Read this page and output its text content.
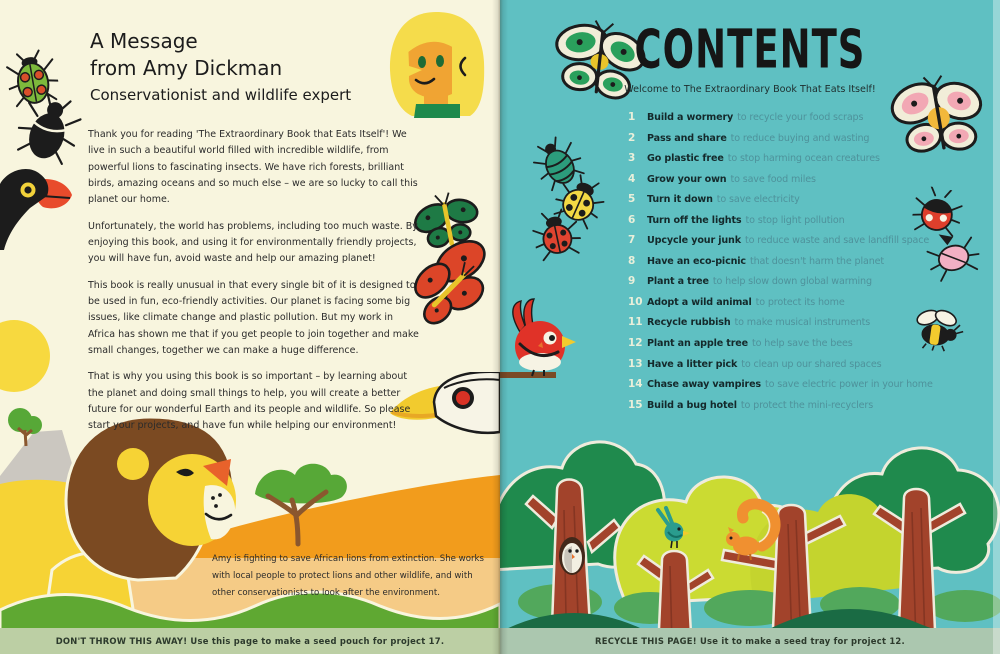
A Message
from Amy Dickman
Conservationist and wildlife expert

Thank you for reading 'The Extraordinary Book that Eats Itself'! We live in such a beautiful world filled with incredible wildlife, from powerful lions to fascinating insects. We have rich forests, brilliant birds, amazing oceans and so much else – we are so lucky to call this planet our home.

Unfortunately, the world has problems, including too much waste. By enjoying this book, and using it for environmentally friendly projects, you will have fun, avoid waste and help our amazing planet!

This book is really unusual in that every single bit of it is designed to be used in fun, eco-friendly activities. Our planet is facing some big issues, like climate change and plastic pollution. But my work in Africa has shown me that if you get people to join together and make small changes, together we can make a huge difference.

That is why you using this book is so important – by learning about the planet and doing small things to help, you will create a better future for our wonderful Earth and its people and wildlife. So please start your projects, and have fun while helping our environment!

Amy is fighting to save African lions from extinction. She works with local people to protect lions and other wildlife, and with other conservationists to look after the environment.
DON'T THROW THIS AWAY! Use this page to make a seed pouch for project 17.
CONTENTS
Welcome to The Extraordinary Book That Eats Itself!
1	Build a wormery to recycle your food scraps
2	Pass and share to reduce buying and wasting
3	Go plastic free to stop harming ocean creatures
4	Grow your own to save food miles
5	Turn it down to save electricity
6	Turn off the lights to stop light pollution
7	Upcycle your junk to reduce waste and save landfill space
8	Have an eco-picnic that doesn't harm the planet
9	Plant a tree to help slow down global warming
10 Adopt a wild animal to protect its home
11 Recycle rubbish to make musical instruments
12 Plant an apple tree to help save the bees
13 Have a litter pick to clean up our shared spaces
14 Chase away vampires to save electric power in your home
15 Build a bug hotel to protect the mini-recyclers
RECYCLE THIS PAGE! Use it to make a seed tray for project 12.
